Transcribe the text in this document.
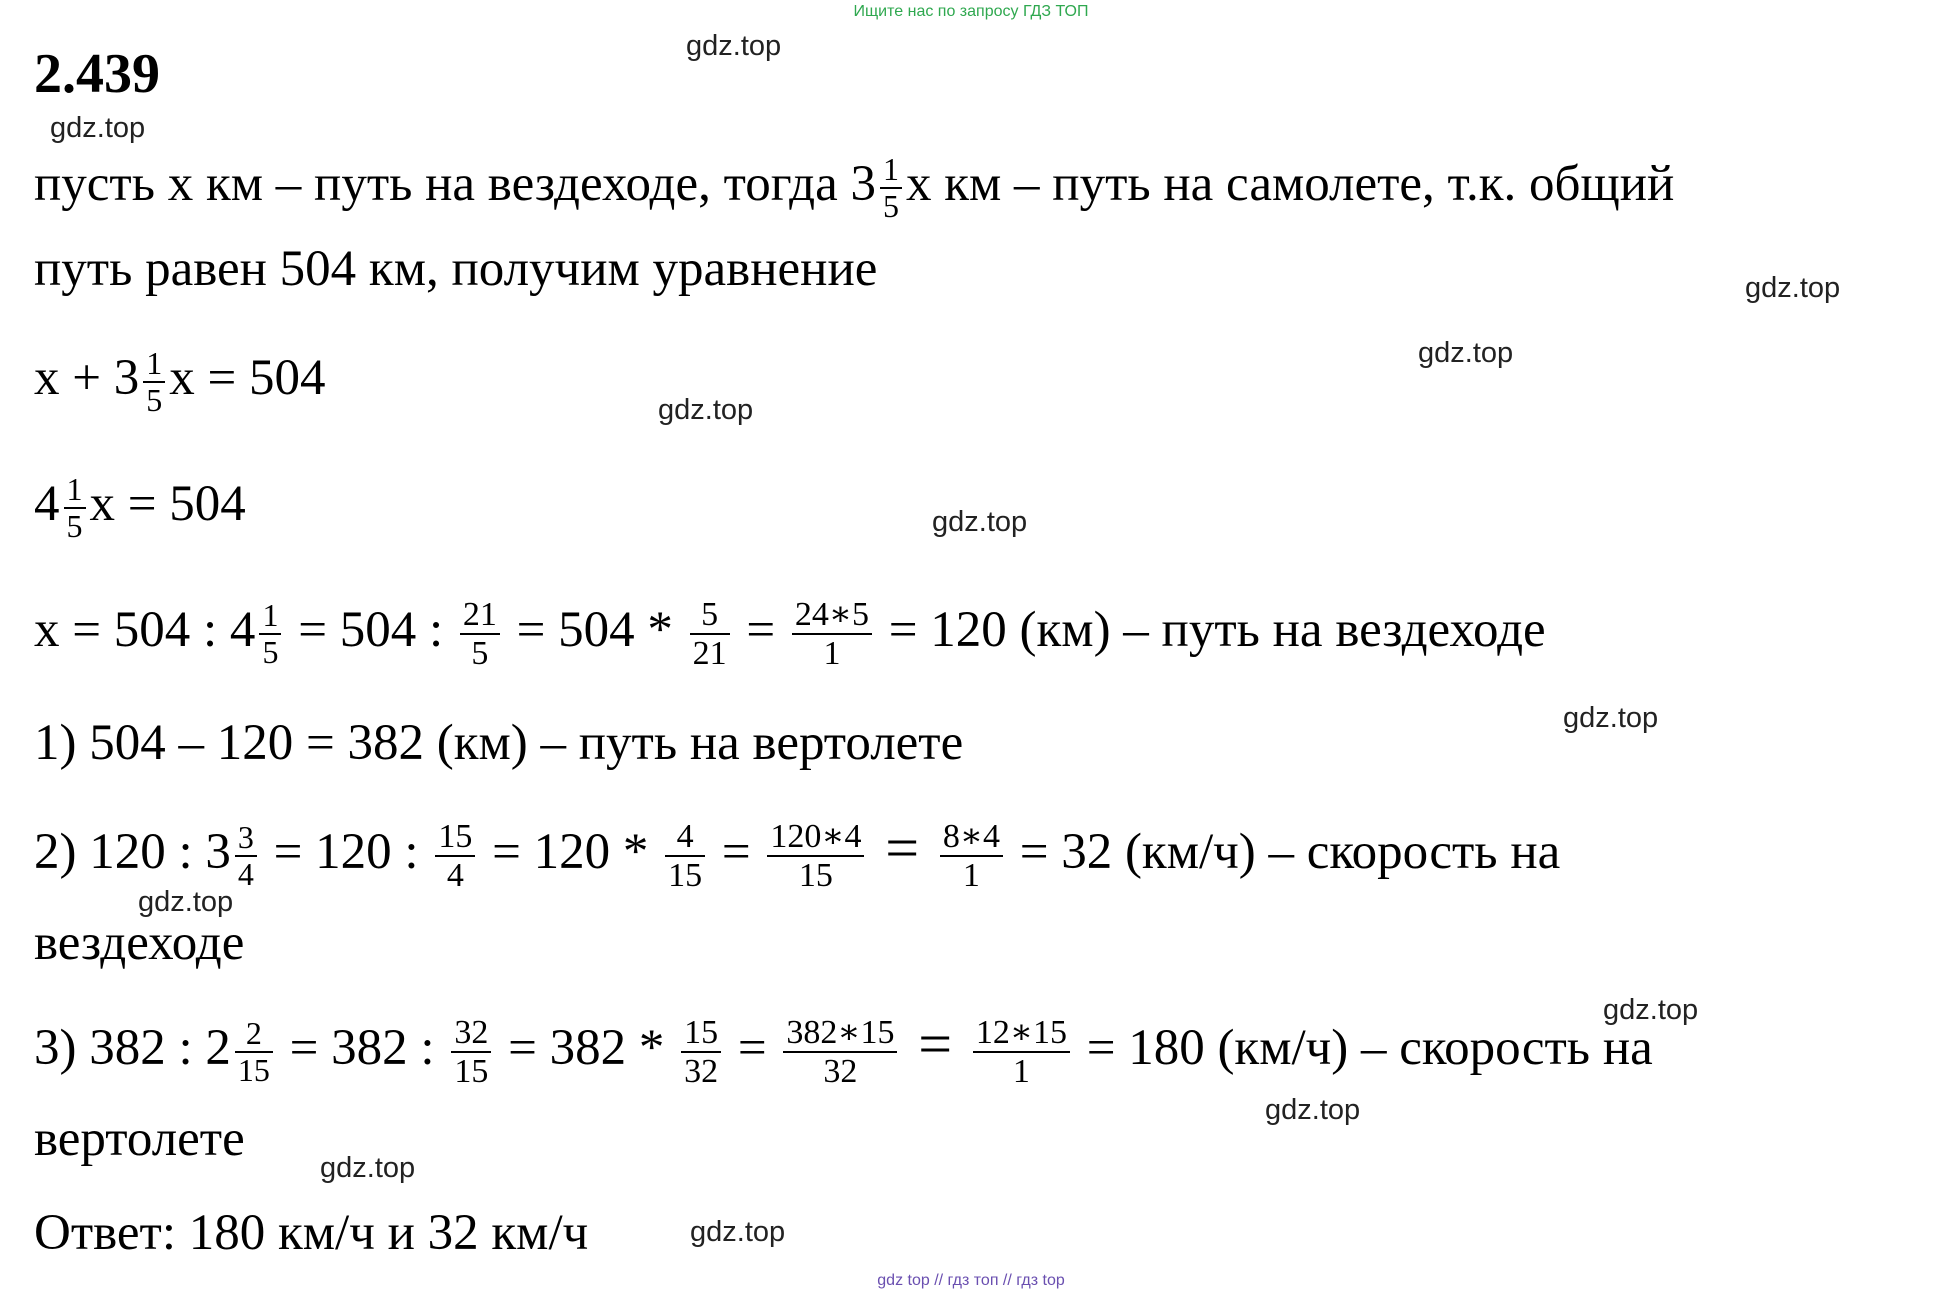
Ищите нас по запросу ГДЗ ТОП
2.439	gdz.top
gdz.top
gdz.top
gdz.top
gdz.top
gdz.top
gdz.top
gdz.top
gdz.top
gdz.top
gdz.top
gdz.top
пусть x км – путь на вездеходе, тогда $3 \frac{1}{5}$ x км – путь на самолете, т.к. общий
путь равен 504 км, получим уравнение
$x + 3 \frac{1}{5}$ x = 504
$4 \frac{1}{5}$ x = 504
x = 504 : $4 \frac{1}{5} = 504$ : $\frac{21}{5} = 504 * \frac{5}{21} = \frac{24∗5}{1} = 120$ (км) – путь на вездеходе
1) 504 – 120 = 382 (км) – путь на вертолете
2) 120 : $3 \frac{3}{4} = 120$ : $\frac{15}{4} = 120 * \frac{4}{15} = \frac{120∗4}{15} = \frac{8∗4}{1} = 32$ (км/ч) – скорость на
вездеходе
3) 382 : $2 \frac{2}{15} = 382$ : $\frac{32}{15} = 382 * \frac{15}{32} = \frac{382∗15}{32} = \frac{12∗15}{1} = 180$ (км/ч) – скорость на
вертолете
Ответ: 180 км/ч и 32 км/ч
gdz top // гдз топ // гдз top
